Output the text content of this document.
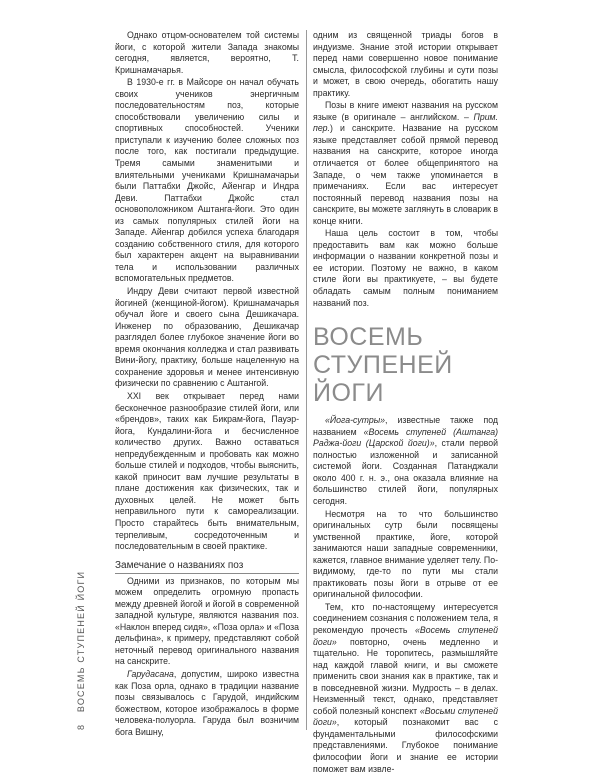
8 ВОСЕМЬ СТУПЕНЕЙ ЙОГИ

Однако отцом-основателем той системы йоги, с которой жители Запада знакомы сегодня, является, вероятно, Т. Кришнамачарья.

В 1930-е гг. в Майсоре он начал обучать своих учеников энергичным последовательностям поз, которые способствовали увеличению силы и спортивных способностей. Ученики приступали к изучению более сложных поз после того, как постигали предыдущие. Тремя самыми знаменитыми и влиятельными учениками Кришнамачарьи были Паттабхи Джойс, Айенгар и Индра Деви. Паттабхи Джойс стал основоположником Аштанга-йоги. Это один из самых популярных стилей йоги на Западе. Айенгар добился успеха благодаря созданию собственного стиля, для которого был характерен акцент на выравнивании тела и использовании различных вспомогательных предметов.

Индру Деви считают первой известной йогиней (женщиной-йогом). Кришнамачарья обучал йоге и своего сына Дешикачара. Инженер по образованию, Дешикачар разглядел более глубокое значение йоги во время окончания колледжа и стал развивать Вини-йогу, практику, больше нацеленную на сохранение здоровья и менее интенсивную физически по сравнению с Аштангой.

XXI век открывает перед нами бесконечное разнообразие стилей йоги, или «брендов», таких как Бикрам-йога, Пауэр-йога, Кундалини-йога и бесчисленное количество других. Важно оставаться непредубежденным и пробовать как можно больше стилей и подходов, чтобы выяснить, какой приносит вам лучшие результаты в плане достижения как физических, так и духовных целей. Не может быть неправильного пути к самореализации. Просто старайтесь быть внимательным, терпеливым, сосредоточенным и последовательным в своей практике.

Замечание о названиях поз

Одними из признаков, по которым мы можем определить огромную пропасть между древней йогой и йогой в современной западной культуре, являются названия поз. «Наклон вперед сидя», «Поза орла» и «Поза дельфина», к примеру, представляют собой неточный перевод оригинального названия на санскрите.

Гарудасана, допустим, широко известна как Поза орла, однако в традиции название позы связывалось с Гарудой, индийским божеством, которое изображалось в форме человека-полуорла. Гаруда был возничим бога Вишну,

одним из священной триады богов в индуизме. Знание этой истории открывает перед нами совершенно новое понимание смысла, философской глубины и сути позы и может, в свою очередь, обогатить нашу практику.

Позы в книге имеют названия на русском языке (в оригинале – английском. – Прим. пер.) и санскрите. Название на русском языке представляет собой прямой перевод названия на санскрите, которое иногда отличается от более общепринятого на Западе, о чем также упоминается в примечаниях. Если вас интересует постоянный перевод названия позы на санскрите, вы можете заглянуть в словарик в конце книги.

Наша цель состоит в том, чтобы предоставить вам как можно больше информации о названии конкретной позы и ее истории. Поэтому не важно, в каком стиле йоги вы практикуете, – вы будете обладать самым полным пониманием названий поз.

ВОСЕМЬ
СТУПЕНЕЙ ЙОГИ

«Йога-сутры», известные также под названием «Восемь ступеней (Аштанга) Раджа-йоги (Царской йоги)», стали первой полностью изложенной и записанной системой йоги. Созданная Патанджали около 400 г. н. э., она оказала влияние на большинство стилей йоги, популярных сегодня.

Несмотря на то что большинство оригинальных сутр были посвящены умственной практике, йоге, которой занимаются наши западные современники, кажется, главное внимание уделяет телу. По-видимому, где-то по пути мы стали практиковать позы йоги в отрыве от ее оригинальной философии.

Тем, кто по-настоящему интересуется соединением сознания с положением тела, я рекомендую прочесть «Восемь ступеней йоги» повторно, очень медленно и тщательно. Не торопитесь, размышляйте над каждой главой книги, и вы сможете применить свои знания как в практике, так и в повседневной жизни. Мудрость – в делах. Неизменный текст, однако, представляет собой полезный конспект «Восьми ступеней йоги», который познакомит вас с фундаментальными философскими представлениями. Глубокое понимание философии йоги и знание ее истории поможет вам извле-
